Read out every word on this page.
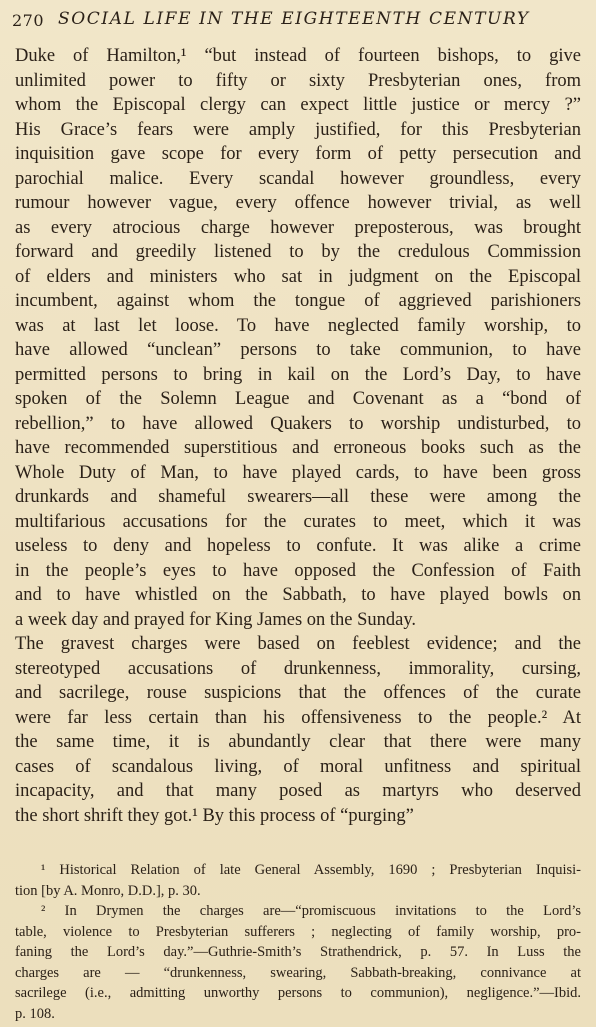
270 SOCIAL LIFE IN THE EIGHTEENTH CENTURY
Duke of Hamilton,¹ “but instead of fourteen bishops, to give
unlimited power to fifty or sixty Presbyterian ones, from
whom the Episcopal clergy can expect little justice or mercy ?”
His Grace’s fears were amply justified, for this Presbyterian
inquisition gave scope for every form of petty persecution and
parochial malice. Every scandal however groundless, every
rumour however vague, every offence however trivial, as well
as every atrocious charge however preposterous, was brought
forward and greedily listened to by the credulous Commission
of elders and ministers who sat in judgment on the Episcopal
incumbent, against whom the tongue of aggrieved parishioners
was at last let loose. To have neglected family worship, to
have allowed “unclean” persons to take communion, to have
permitted persons to bring in kail on the Lord’s Day, to have
spoken of the Solemn League and Covenant as a “bond of
rebellion,” to have allowed Quakers to worship undisturbed, to
have recommended superstitious and erroneous books such as the
Whole Duty of Man, to have played cards, to have been gross
drunkards and shameful swearers—all these were among the
multifarious accusations for the curates to meet, which it was
useless to deny and hopeless to confute. It was alike a crime
in the people’s eyes to have opposed the Confession of Faith
and to have whistled on the Sabbath, to have played bowls on
a week day and prayed for King James on the Sunday.
The gravest charges were based on feeblest evidence; and the
stereotyped accusations of drunkenness, immorality, cursing,
and sacrilege, rouse suspicions that the offences of the curate
were far less certain than his offensiveness to the people.² At
the same time, it is abundantly clear that there were many
cases of scandalous living, of moral unfitness and spiritual
incapacity, and that many posed as martyrs who deserved
the short shrift they got.¹ By this process of “purging”
¹ Historical Relation of late General Assembly, 1690 ; Presbyterian Inquisi-
tion [by A. Monro, D.D.], p. 30.
² In Drymen the charges are—“promiscuous invitations to the Lord’s
table, violence to Presbyterian sufferers ; neglecting of family worship, pro-
faning the Lord’s day.”—Guthrie-Smith’s Strathendrick, p. 57. In Luss the
charges are — “drunkenness, swearing, Sabbath-breaking, connivance at
sacrilege (i.e., admitting unworthy persons to communion), negligence.”—Ibid.
p. 108.
